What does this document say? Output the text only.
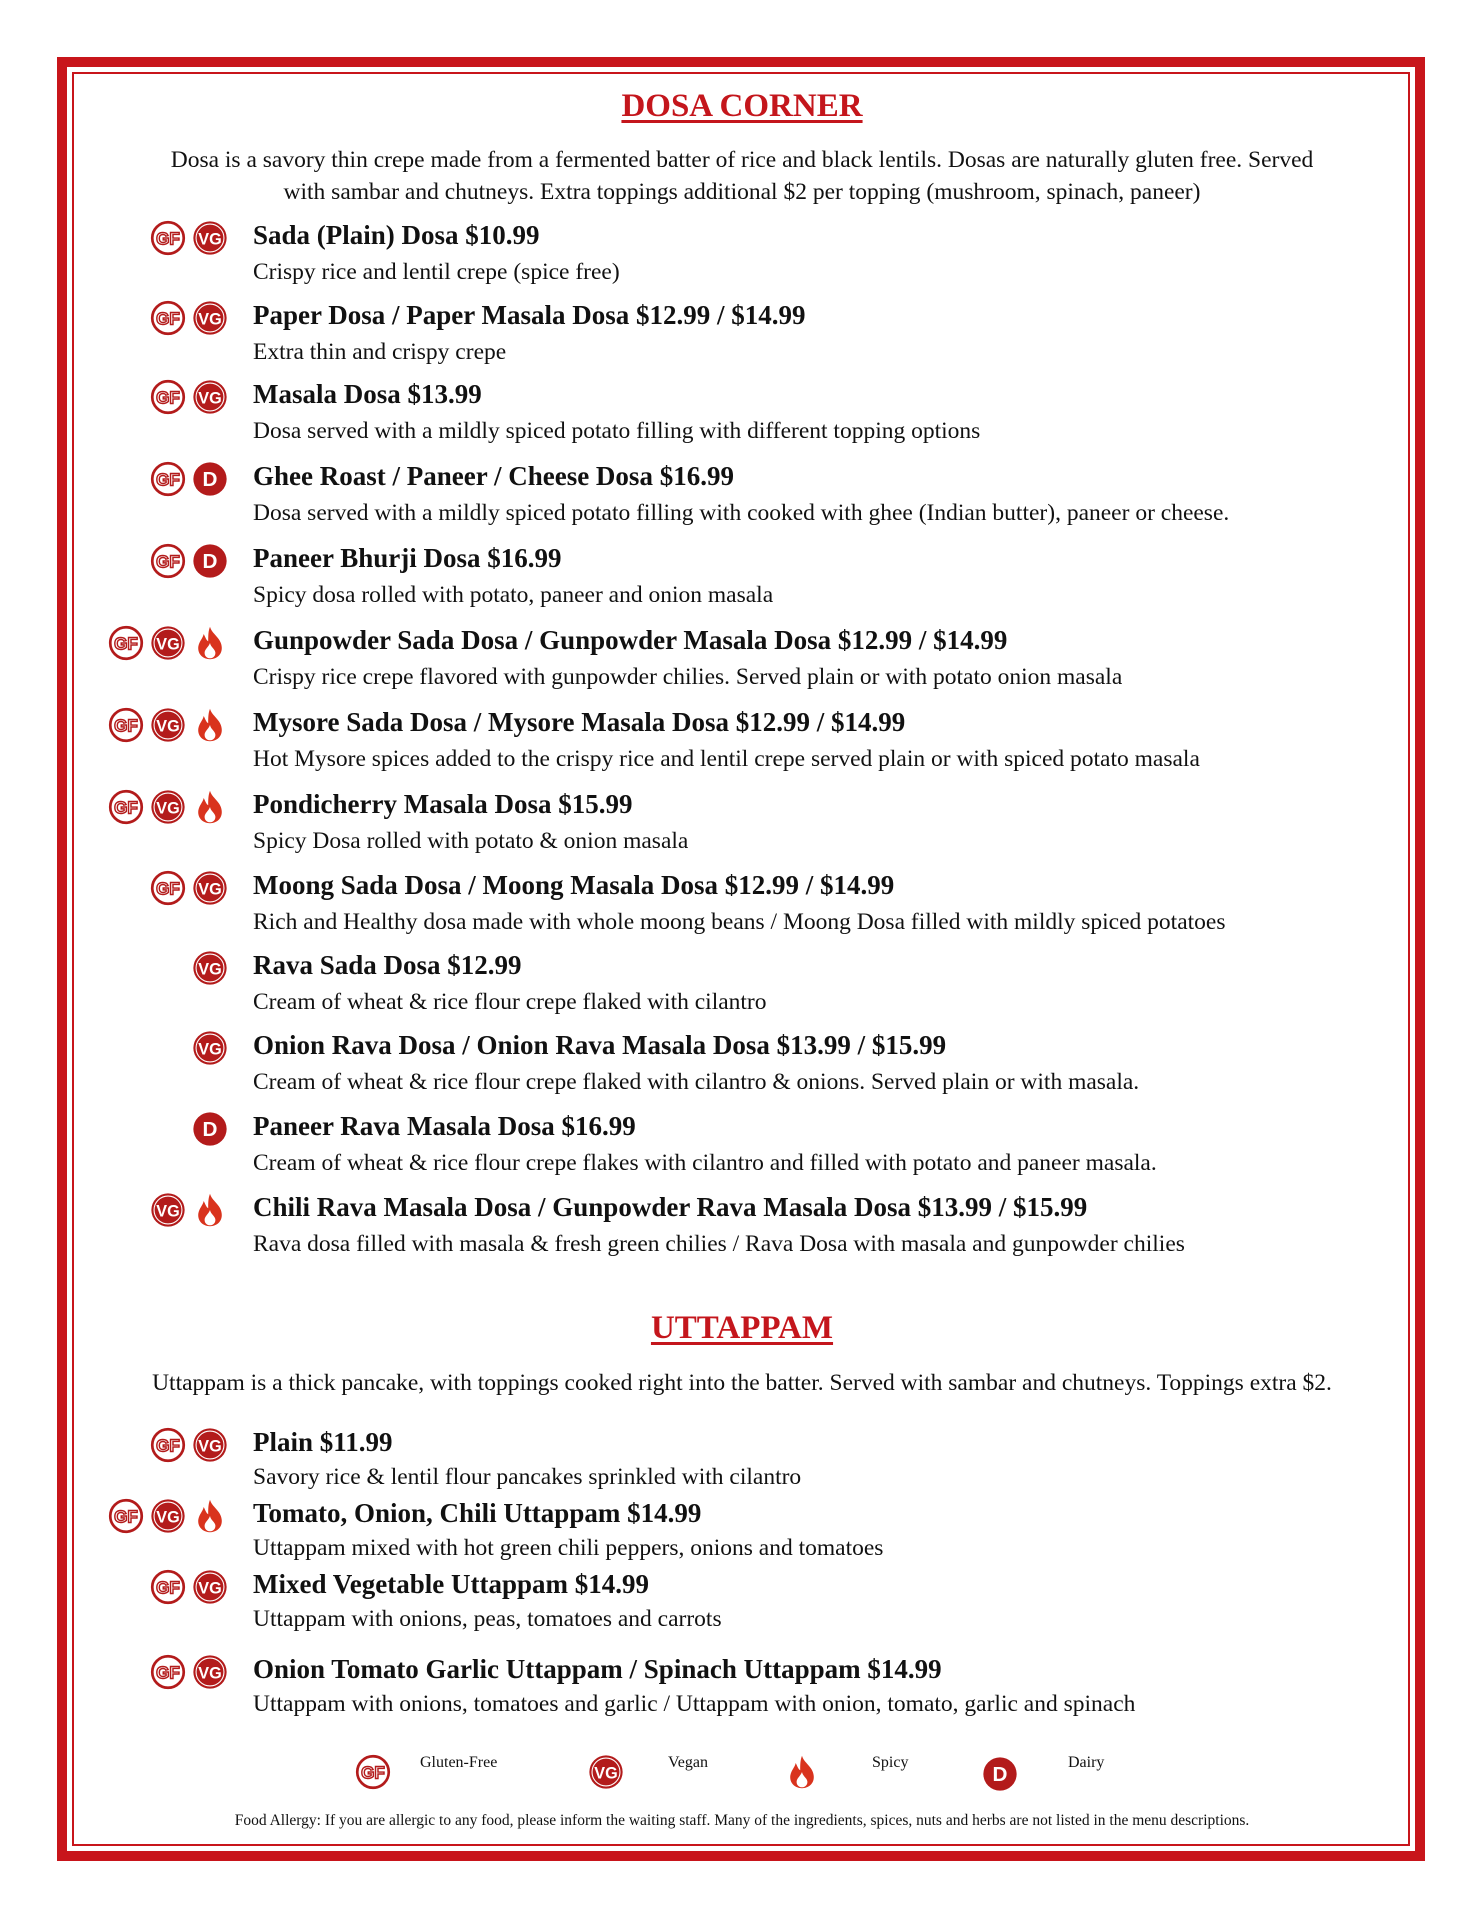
DOSA CORNER
Dosa is a savory thin crepe made from a fermented batter of rice and black lentils. Dosas are naturally gluten free. Served
with sambar and chutneys. Extra toppings additional $2 per topping (mushroom, spinach, paneer)
Sada (Plain) Dosa $10.99
Crispy rice and lentil crepe (spice free)
Paper Dosa / Paper Masala Dosa $12.99 / $14.99
Extra thin and crispy crepe
Masala Dosa $13.99
Dosa served with a mildly spiced potato filling with different topping options
Ghee Roast / Paneer / Cheese Dosa $16.99
Dosa served with a mildly spiced potato filling with cooked with ghee (Indian butter), paneer or cheese.
Paneer Bhurji Dosa $16.99
Spicy dosa rolled with potato, paneer and onion masala
Gunpowder Sada Dosa / Gunpowder Masala Dosa $12.99 / $14.99
Crispy rice crepe flavored with gunpowder chilies. Served plain or with potato onion masala
Mysore Sada Dosa / Mysore Masala Dosa $12.99 / $14.99
Hot Mysore spices added to the crispy rice and lentil crepe served plain or with spiced potato masala
Pondicherry Masala Dosa $15.99
Spicy Dosa rolled with potato & onion masala
Moong Sada Dosa / Moong Masala Dosa $12.99 / $14.99
Rich and Healthy dosa made with whole moong beans / Moong Dosa filled with mildly spiced potatoes
Rava Sada Dosa $12.99
Cream of wheat & rice flour crepe flaked with cilantro
Onion Rava Dosa / Onion Rava Masala Dosa $13.99 / $15.99
Cream of wheat & rice flour crepe flaked with cilantro & onions. Served plain or with masala.
Paneer Rava Masala Dosa $16.99
Cream of wheat & rice flour crepe flakes with cilantro and filled with potato and paneer masala.
Chili Rava Masala Dosa / Gunpowder Rava Masala Dosa $13.99 / $15.99
Rava dosa filled with masala & fresh green chilies / Rava Dosa with masala and gunpowder chilies
UTTAPPAM
Uttappam is a thick pancake, with toppings cooked right into the batter. Served with sambar and chutneys. Toppings extra $2.
Plain $11.99
Savory rice & lentil flour pancakes sprinkled with cilantro
Tomato, Onion, Chili Uttappam $14.99
Uttappam mixed with hot green chili peppers, onions and tomatoes
Mixed Vegetable Uttappam $14.99
Uttappam with onions, peas, tomatoes and carrots
Onion Tomato Garlic Uttappam / Spinach Uttappam $14.99
Uttappam with onions, tomatoes and garlic / Uttappam with onion, tomato, garlic and spinach
Gluten-Free	Vegan	Spicy	Dairy
Food Allergy: If you are allergic to any food, please inform the waiting staff. Many of the ingredients, spices, nuts and herbs are not listed in the menu descriptions.
